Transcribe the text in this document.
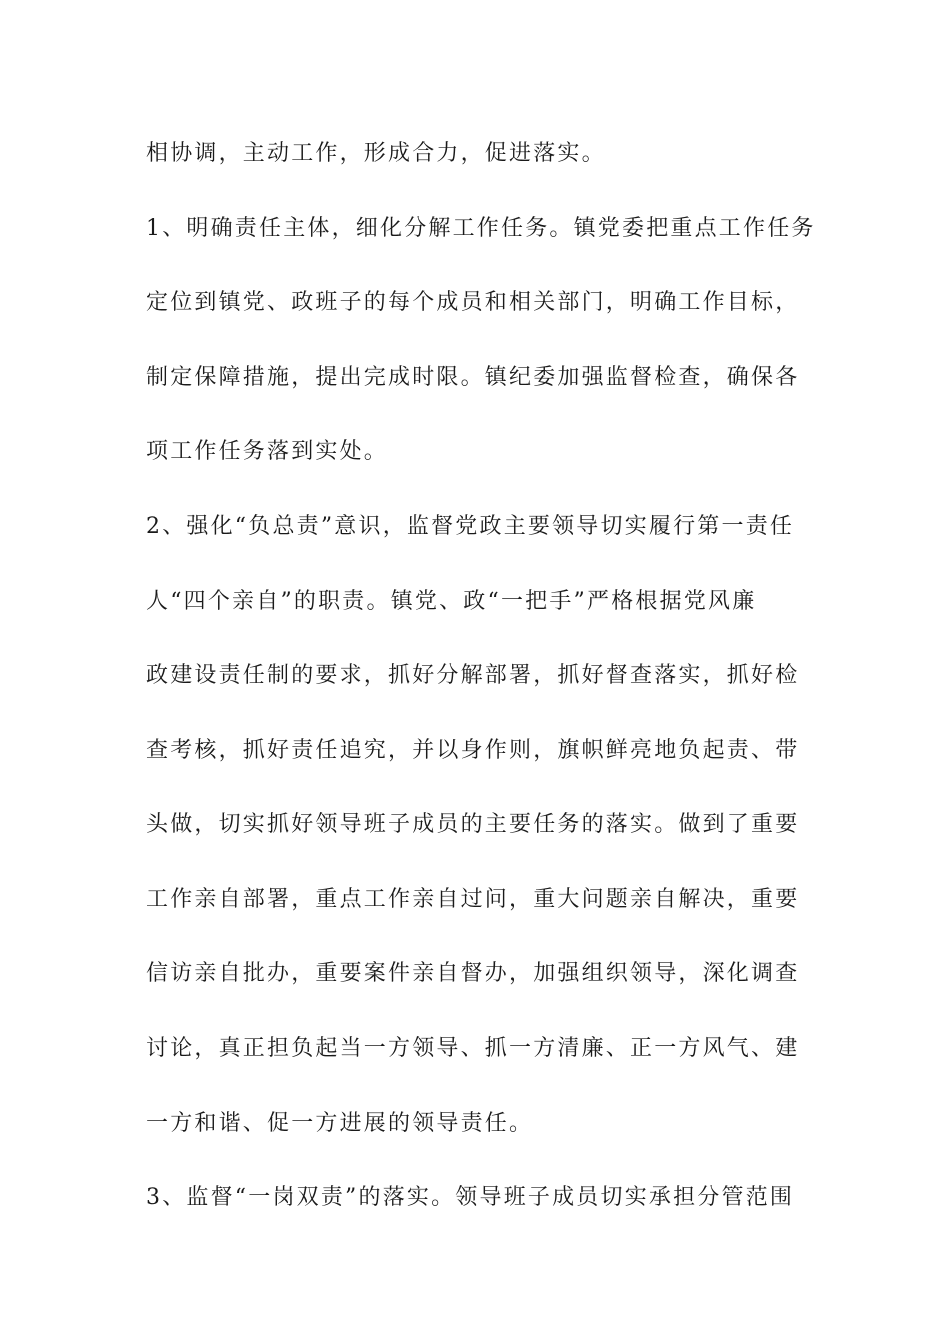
相协调，主动工作，形成合力，促进落实。
1、明确责任主体，细化分解工作任务。镇党委把重点工作任务
定位到镇党、政班子的每个成员和相关部门，明确工作目标，
制定保障措施，提出完成时限。镇纪委加强监督检查，确保各
项工作任务落到实处。
2、强化“负总责”意识，监督党政主要领导切实履行第一责任
人“四个亲自”的职责。镇党、政“一把手”严格根据党风廉
政建设责任制的要求，抓好分解部署，抓好督查落实，抓好检
查考核，抓好责任追究，并以身作则，旗帜鲜亮地负起责、带
头做，切实抓好领导班子成员的主要任务的落实。做到了重要
工作亲自部署，重点工作亲自过问，重大问题亲自解决，重要
信访亲自批办，重要案件亲自督办，加强组织领导，深化调查
讨论，真正担负起当一方领导、抓一方清廉、正一方风气、建
一方和谐、促一方进展的领导责任。
3、监督“一岗双责”的落实。领导班子成员切实承担分管范围
